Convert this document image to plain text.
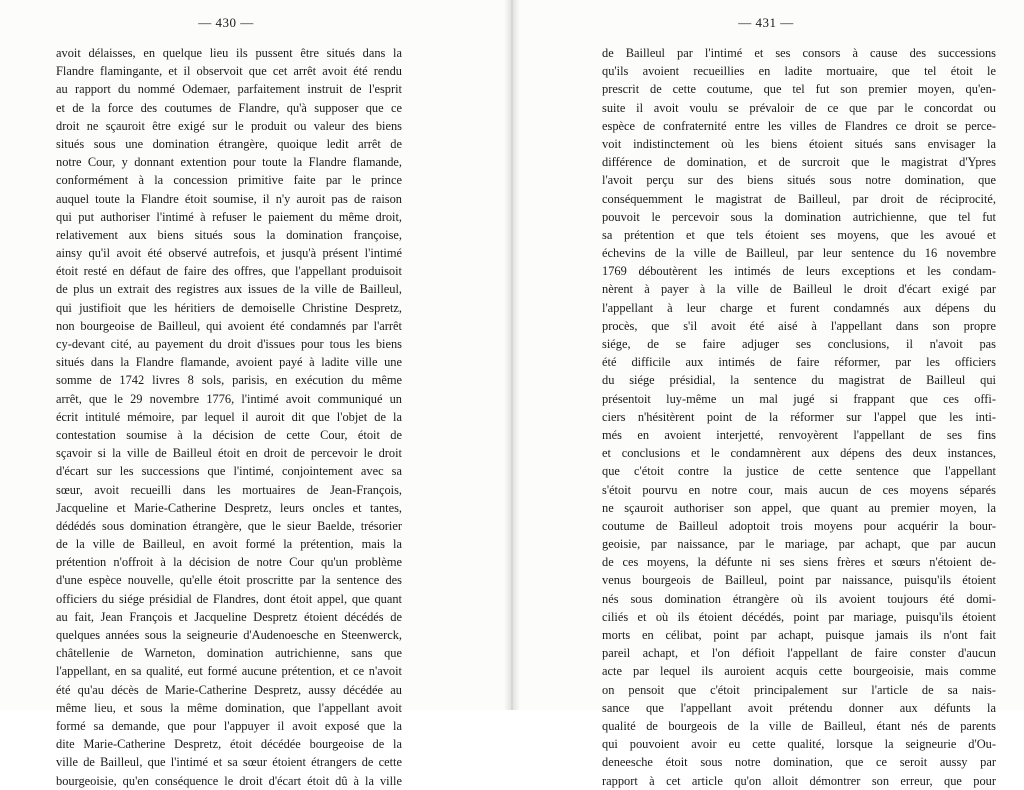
— 430 —
avoit délaisses, en quelque lieu ils pussent être situés dans la
Flandre flamingante, et il observoit que cet arrêt avoit été rendu
au rapport du nommé Odemaer, parfaitement instruit de l'esprit
et de la force des coutumes de Flandre, qu'à supposer que ce
droit ne sçauroit être exigé sur le produit ou valeur des biens
situés sous une domination étrangère, quoique ledit arrêt de
notre Cour, y donnant extention pour toute la Flandre flamande,
conformément à la concession primitive faite par le prince
auquel toute la Flandre étoit soumise, il n'y auroit pas de raison
qui put authoriser l'intimé à refuser le paiement du même droit,
relativement aux biens situés sous la domination françoise,
ainsy qu'il avoit été observé autrefois, et jusqu'à présent l'intimé
étoit resté en défaut de faire des offres, que l'appellant produisoit
de plus un extrait des registres aux issues de la ville de Bailleul,
qui justifioit que les héritiers de demoiselle Christine Despretz,
non bourgeoise de Bailleul, qui avoient été condamnés par l'arrêt
cy-devant cité, au payement du droit d'issues pour tous les biens
situés dans la Flandre flamande, avoient payé à ladite ville une
somme de 1742 livres 8 sols, parisis, en exécution du même
arrêt, que le 29 novembre 1776, l'intimé avoit communiqué un
écrit intitulé mémoire, par lequel il auroit dit que l'objet de la
contestation soumise à la décision de cette Cour, étoit de
sçavoir si la ville de Bailleul étoit en droit de percevoir le droit
d'écart sur les successions que l'intimé, conjointement avec sa
sœur, avoit recueilli dans les mortuaires de Jean-François,
Jacqueline et Marie-Catherine Despretz, leurs oncles et tantes,
dédédés sous domination étrangère, que le sieur Baelde, trésorier
de la ville de Bailleul, en avoit formé la prétention, mais la
prétention n'offroit à la décision de notre Cour qu'un problème
d'une espèce nouvelle, qu'elle étoit proscritte par la sentence des
officiers du siége présidial de Flandres, dont étoit appel, que quant
au fait, Jean François et Jacqueline Despretz étoient décédés de
quelques années sous la seigneurie d'Audenoesche en Steenwerck,
châtellenie de Warneton, domination autrichienne, sans que
l'appellant, en sa qualité, eut formé aucune prétention, et ce n'avoit
été qu'au décès de Marie-Catherine Despretz, aussy décédée au
même lieu, et sous la même domination, que l'appellant avoit
formé sa demande, que pour l'appuyer il avoit exposé que la
dite Marie-Catherine Despretz, étoit décédée bourgeoise de la
ville de Bailleul, que l'intimé et sa sœur étoient étrangers de cette
bourgeoisie, qu'en conséquence le droit d'écart étoit dû à la ville
— 431 —
de Bailleul par l'intimé et ses consors à cause des successions
qu'ils avoient recueillies en ladite mortuaire, que tel étoit le
prescrit de cette coutume, que tel fut son premier moyen, qu'en-
suite il avoit voulu se prévaloir de ce que par le concordat ou
espèce de confraternité entre les villes de Flandres ce droit se perce-
voit indistinctement où les biens étoient situés sans envisager la
différence de domination, et de surcroit que le magistrat d'Ypres
l'avoit perçu sur des biens situés sous notre domination, que
conséquemment le magistrat de Bailleul, par droit de réciprocité,
pouvoit le percevoir sous la domination autrichienne, que tel fut
sa prétention et que tels étoient ses moyens, que les avoué et
échevins de la ville de Bailleul, par leur sentence du 16 novembre
1769 déboutèrent les intimés de leurs exceptions et les condam-
nèrent à payer à la ville de Bailleul le droit d'écart exigé par
l'appellant à leur charge et furent condamnés aux dépens du
procès, que s'il avoit été aisé à l'appellant dans son propre
siége, de se faire adjuger ses conclusions, il n'avoit pas
été difficile aux intimés de faire réformer, par les officiers
du siége présidial, la sentence du magistrat de Bailleul qui
présentoit luy-même un mal jugé si frappant que ces offi-
ciers n'hésitèrent point de la réformer sur l'appel que les inti-
més en avoient interjetté, renvoyèrent l'appellant de ses fins
et conclusions et le condamnèrent aux dépens des deux instances,
que c'étoit contre la justice de cette sentence que l'appellant
s'étoit pourvu en notre cour, mais aucun de ces moyens séparés
ne sçauroit authoriser son appel, que quant au premier moyen, la
coutume de Bailleul adoptoit trois moyens pour acquérir la bour-
geoisie, par naissance, par le mariage, par achapt, que par aucun
de ces moyens, la défunte ni ses siens frères et sœurs n'étoient de-
venus bourgeois de Bailleul, point par naissance, puisqu'ils étoient
nés sous domination étrangère où ils avoient toujours été domi-
ciliés et où ils étoient décédés, point par mariage, puisqu'ils étoient
morts en célibat, point par achapt, puisque jamais ils n'ont fait
pareil achapt, et l'on défioit l'appellant de faire conster d'aucun
acte par lequel ils auroient acquis cette bourgeoisie, mais comme
on pensoit que c'étoit principalement sur l'article de sa nais-
sance que l'appellant avoit prétendu donner aux défunts la
qualité de bourgeois de la ville de Bailleul, étant nés de parents
qui pouvoient avoir eu cette qualité, lorsque la seigneurie d'Ou-
deneesche étoit sous notre domination, que ce seroit aussy par
rapport à cet article qu'on alloit démontrer son erreur, que pour
